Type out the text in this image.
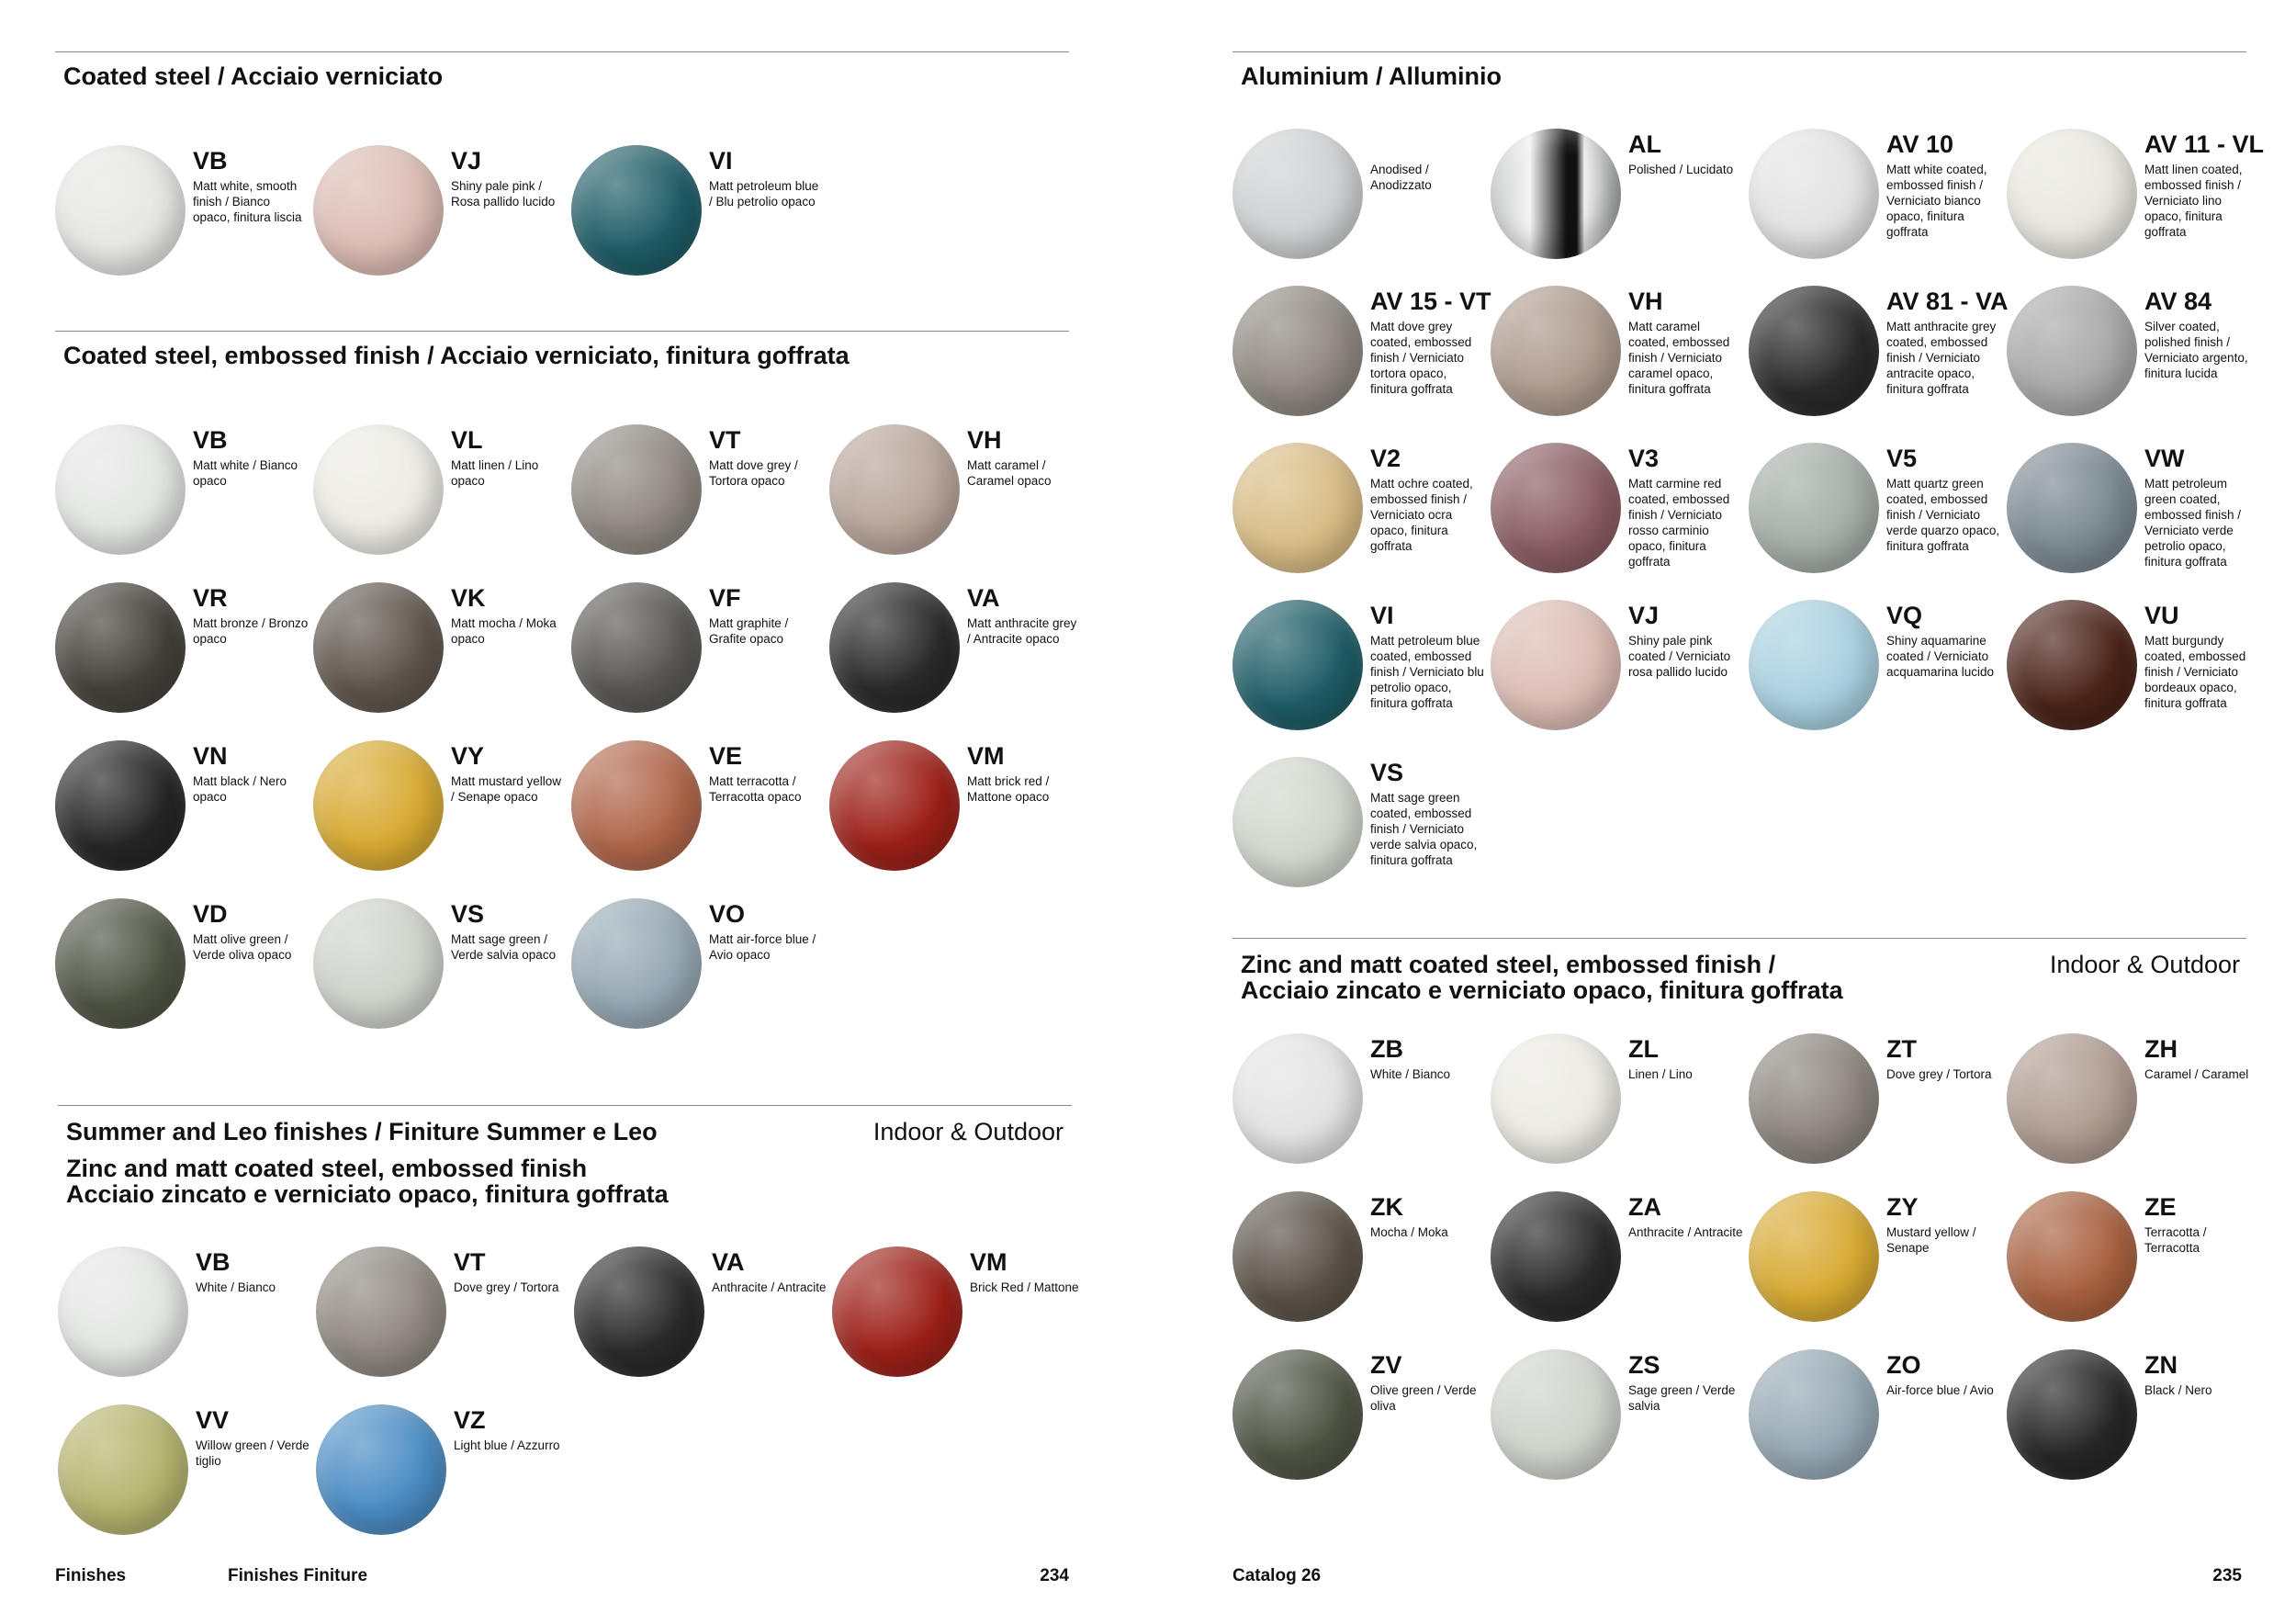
Coated steel / Acciaio verniciato
VB
Matt white, smooth finish / Bianco opaco, finitura liscia
VJ
Shiny pale pink / Rosa pallido lucido
VI
Matt petroleum blue / Blu petrolio opaco
Coated steel, embossed finish / Acciaio verniciato, finitura goffrata
VB
Matt white / Bianco opaco
VL
Matt linen / Lino opaco
VT
Matt dove grey / Tortora opaco
VH
Matt caramel / Caramel opaco
VR
Matt bronze / Bronzo opaco
VK
Matt mocha / Moka opaco
VF
Matt graphite / Grafite opaco
VA
Matt anthracite grey / Antracite opaco
VN
Matt black / Nero opaco
VY
Matt mustard yellow / Senape opaco
VE
Matt terracotta / Terracotta opaco
VM
Matt brick red / Mattone opaco
VD
Matt olive green / Verde oliva opaco
VS
Matt sage green / Verde salvia opaco
VO
Matt air-force blue / Avio opaco
Summer and Leo finishes / Finiture Summer e Leo	Indoor & Outdoor
Zinc and matt coated steel, embossed finish
Acciaio zincato e verniciato opaco, finitura goffrata
VB
White / Bianco
VT
Dove grey / Tortora
VA
Anthracite / Antracite
VM
Brick Red / Mattone
VV
Willow green / Verde tiglio
VZ
Light blue / Azzurro
Finishes	Finishes Finiture	234
Aluminium / Alluminio
Anodised / Anodizzato
AL
Polished / Lucidato
AV 10
Matt white coated, embossed finish / Verniciato bianco opaco, finitura goffrata
AV 11 - VL
Matt linen coated, embossed finish / Verniciato lino opaco, finitura goffrata
AV 15 - VT
Matt dove grey coated, embossed finish / Verniciato tortora opaco, finitura goffrata
VH
Matt caramel coated, embossed finish / Verniciato caramel opaco, finitura goffrata
AV 81 - VA
Matt anthracite grey coated, embossed finish / Verniciato antracite opaco, finitura goffrata
AV 84
Silver coated, polished finish / Verniciato argento, finitura lucida
V2
Matt ochre coated, embossed finish / Verniciato ocra opaco, finitura goffrata
V3
Matt carmine red coated, embossed finish / Verniciato rosso carminio opaco, finitura goffrata
V5
Matt quartz green coated, embossed finish / Verniciato verde quarzo opaco, finitura goffrata
VW
Matt petroleum green coated, embossed finish / Verniciato verde petrolio opaco, finitura goffrata
VI
Matt petroleum blue coated, embossed finish / Verniciato blu petrolio opaco, finitura goffrata
VJ
Shiny pale pink coated / Verniciato rosa pallido lucido
VQ
Shiny aquamarine coated / Verniciato acquamarina lucido
VU
Matt burgundy coated, embossed finish / Verniciato bordeaux opaco, finitura goffrata
VS
Matt sage green coated, embossed finish / Verniciato verde salvia opaco, finitura goffrata
Zinc and matt coated steel, embossed finish /
Acciaio zincato e verniciato opaco, finitura goffrata
Indoor & Outdoor
ZB
White / Bianco
ZL
Linen / Lino
ZT
Dove grey / Tortora
ZH
Caramel / Caramel
ZK
Mocha / Moka
ZA
Anthracite / Antracite
ZY
Mustard yellow / Senape
ZE
Terracotta / Terracotta
ZV
Olive green / Verde oliva
ZS
Sage green / Verde salvia
ZO
Air-force blue / Avio
ZN
Black / Nero
Catalog 26	235
